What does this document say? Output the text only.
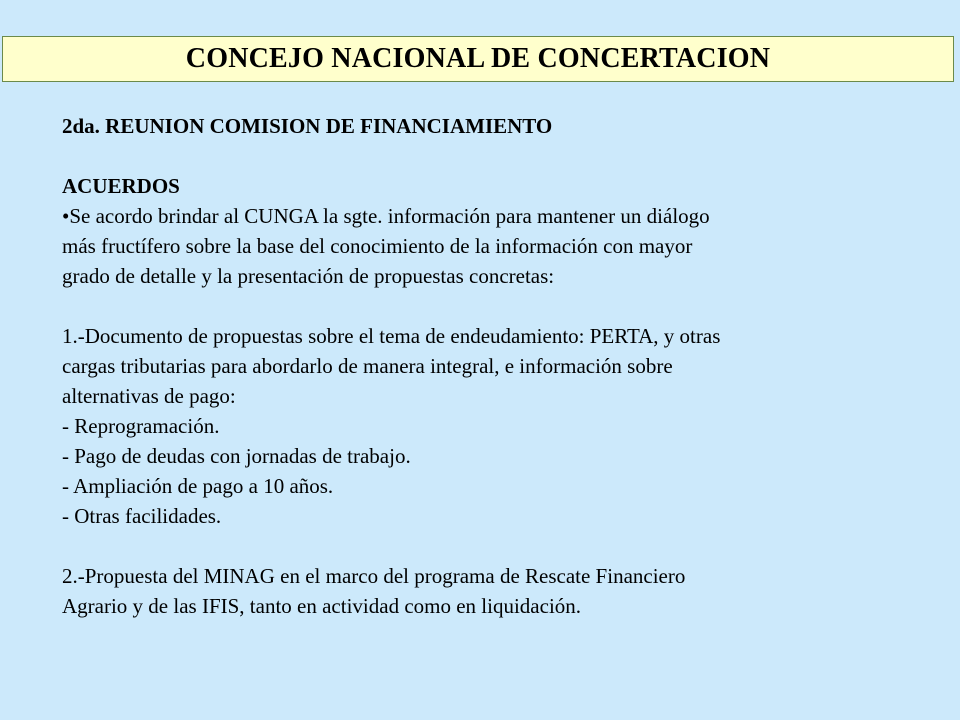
CONCEJO NACIONAL DE CONCERTACION
2da. REUNION COMISION DE FINANCIAMIENTO
ACUERDOS
•Se acordo brindar al CUNGA la sgte. información para mantener un diálogo
más fructífero sobre la base del conocimiento de la información con mayor
grado de detalle y la presentación de propuestas concretas:
1.-Documento de propuestas sobre el tema de endeudamiento: PERTA, y otras
cargas tributarias para abordarlo de manera integral, e información sobre
alternativas de pago:
- Reprogramación.
- Pago de deudas con jornadas de trabajo.
- Ampliación de pago a 10 años.
- Otras facilidades.
2.-Propuesta del MINAG en el marco del programa de Rescate Financiero
Agrario y de las IFIS, tanto en actividad como en liquidación.
